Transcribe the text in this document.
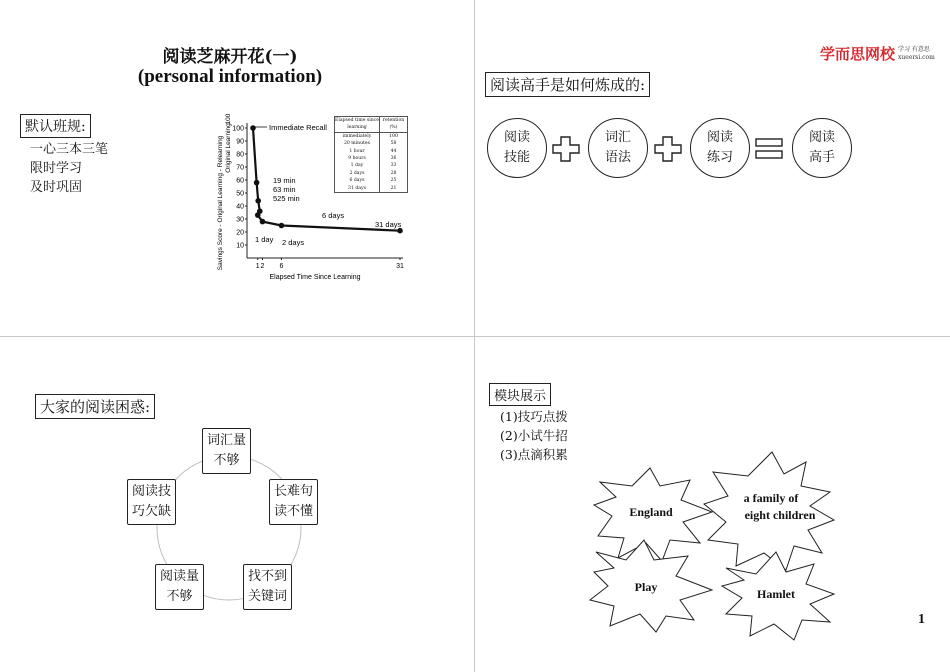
阅读芝麻开花(一)
(personal information)
默认班规:
一心三本三笔
限时学习
及时巩固	Savings Score - Original Learning - Relearning Original Learning
100
100
90
80
70
60
50
40
30
20
10
1 2 6	31
Elapsed Time Since Learning
Immediate Recall
19 min
63 min
525 min
1 day 2 days
6 days
31 days
Elapsed time since learning
retention (%)
immediately	100
20 minutes	58
1 hour	44
9 hours	36
1 day	33
2 days	28
6 days	25
31 days	21
学而思网校 学习 有意思
xueersi.com
阅读高手是如何炼成的:
阅读
技能
词汇
语法
阅读
练习
阅读
高手
大家的阅读困惑:
词汇量
不够
长难句
读不懂
找不到
关键词
阅读量
不够
阅读技
巧欠缺
模块展示
(1)技巧点拨
(2)小试牛招
(3)点滴积累
England
a family of
eight children
Play	Hamlet
1
